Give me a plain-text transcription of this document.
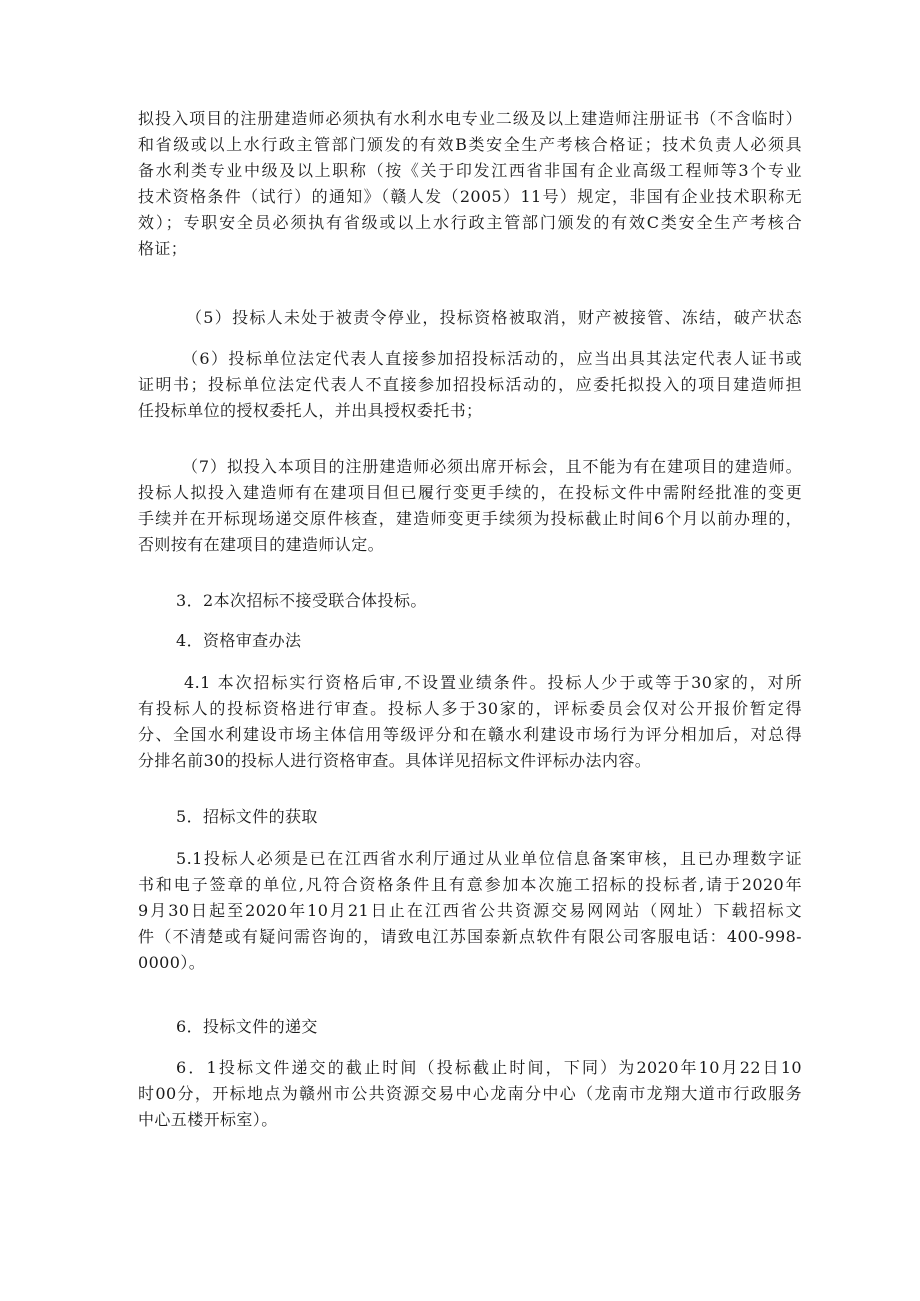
拟投入项目的注册建造师必须执有水利水电专业二级及以上建造师注册证书（不含临时）
和省级或以上水行政主管部门颁发的有效B类安全生产考核合格证；技术负责人必须具
备水利类专业中级及以上职称（按《关于印发江西省非国有企业高级工程师等3个专业
技术资格条件（试行）的通知》（赣人发（2005）11号）规定，非国有企业技术职称无
效）；专职安全员必须执有省级或以上水行政主管部门颁发的有效C类安全生产考核合
格证；
（5）投标人未处于被责令停业，投标资格被取消，财产被接管、冻结，破产状态
（6）投标单位法定代表人直接参加招投标活动的，应当出具其法定代表人证书或
证明书；投标单位法定代表人不直接参加招投标活动的，应委托拟投入的项目建造师担
任投标单位的授权委托人，并出具授权委托书；
（7）拟投入本项目的注册建造师必须出席开标会，且不能为有在建项目的建造师。
投标人拟投入建造师有在建项目但已履行变更手续的，在投标文件中需附经批准的变更
手续并在开标现场递交原件核查，建造师变更手续须为投标截止时间6个月以前办理的，
否则按有在建项目的建造师认定。
3．2本次招标不接受联合体投标。
4．资格审查办法
4.1 本次招标实行资格后审,不设置业绩条件。投标人少于或等于30家的，对所
有投标人的投标资格进行审查。投标人多于30家的，评标委员会仅对公开报价暂定得
分、全国水利建设市场主体信用等级评分和在赣水利建设市场行为评分相加后，对总得
分排名前30的投标人进行资格审查。具体详见招标文件评标办法内容。
5．招标文件的获取
5.1投标人必须是已在江西省水利厅通过从业单位信息备案审核，且已办理数字证
书和电子签章的单位,凡符合资格条件且有意参加本次施工招标的投标者,请于2020年
9月30日起至2020年10月21日止在江西省公共资源交易网网站（网址）下载招标文
件（不清楚或有疑问需咨询的，请致电江苏国泰新点软件有限公司客服电话：400-998-
0000）。
6．投标文件的递交
6．1投标文件递交的截止时间（投标截止时间，下同）为2020年10月22日10
时00分，开标地点为赣州市公共资源交易中心龙南分中心（龙南市龙翔大道市行政服务
中心五楼开标室）。
